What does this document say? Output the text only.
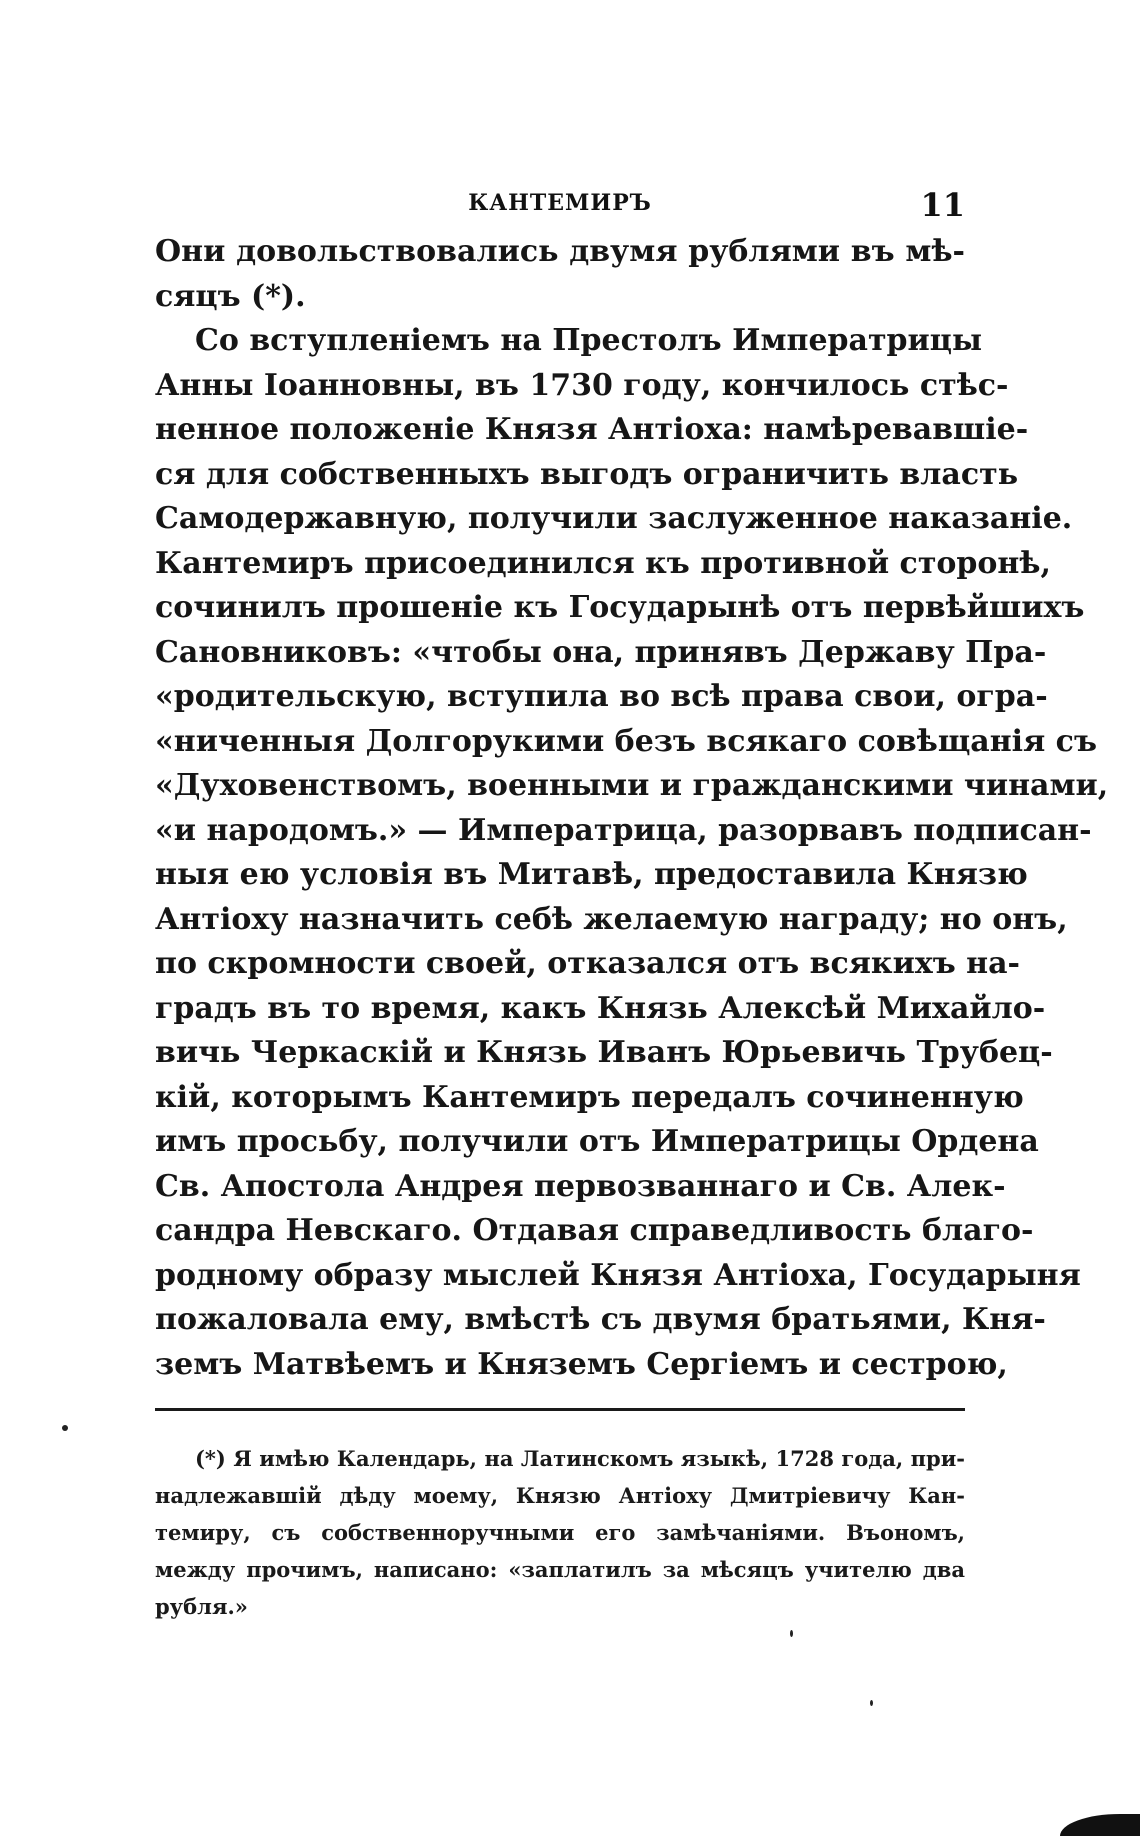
КАНТЕМИРЪ	11
Они довольствовались двумя рублями въ мѣ-
сяцъ (*).
Со вступленіемъ на Престолъ Императрицы
Анны Іоанновны, въ 1730 году, кончилось стѣс-
ненное положеніе Князя Антіоха: намѣревавшіе-
ся для собственныхъ выгодъ ограничить власть
Самодержавную, получили заслуженное наказаніе.
Кантемиръ присоединился къ противной сторонѣ,
сочинилъ прошеніе къ Государынѣ отъ первѣйшихъ
Сановниковъ: «чтобы она, принявъ Державу Пра-
«родительскую, вступила во всѣ права свои, огра-
«ниченныя Долгорукими безъ всякаго совѣщанія съ
«Духовенствомъ, военными и гражданскими чинами,
«и народомъ.» — Императрица, разорвавъ подписан-
ныя ею условія въ Митавѣ, предоставила Князю
Антіоху назначить себѣ желаемую награду; но онъ,
по скромности своей, отказался отъ всякихъ на-
градъ въ то время, какъ Князь Алексѣй Михайло-
вичь Черкаскій и Князь Иванъ Юрьевичь Трубец-
кій, которымъ Кантемиръ передалъ сочиненную
имъ просьбу, получили отъ Императрицы Ордена
Св. Апостола Андрея первозваннаго и Св. Алек-
сандра Невскаго. Отдавая справедливость благо-
родному образу мыслей Князя Антіоха, Государыня
пожаловала ему, вмѣстѣ съ двумя братьями, Кня-
земъ Матвѣемъ и Княземъ Сергіемъ и сестрою,
(*) Я имѣю Календарь, на Латинскомъ языкѣ, 1728 года, при-
надлежавшій дѣду моему, Князю Антіоху Дмитріевичу Кан-
темиру, съ собственноручными его замѣчаніями. Въономъ,
между прочимъ, написано: «заплатилъ за мѣсяцъ учителю два
рубля.»
